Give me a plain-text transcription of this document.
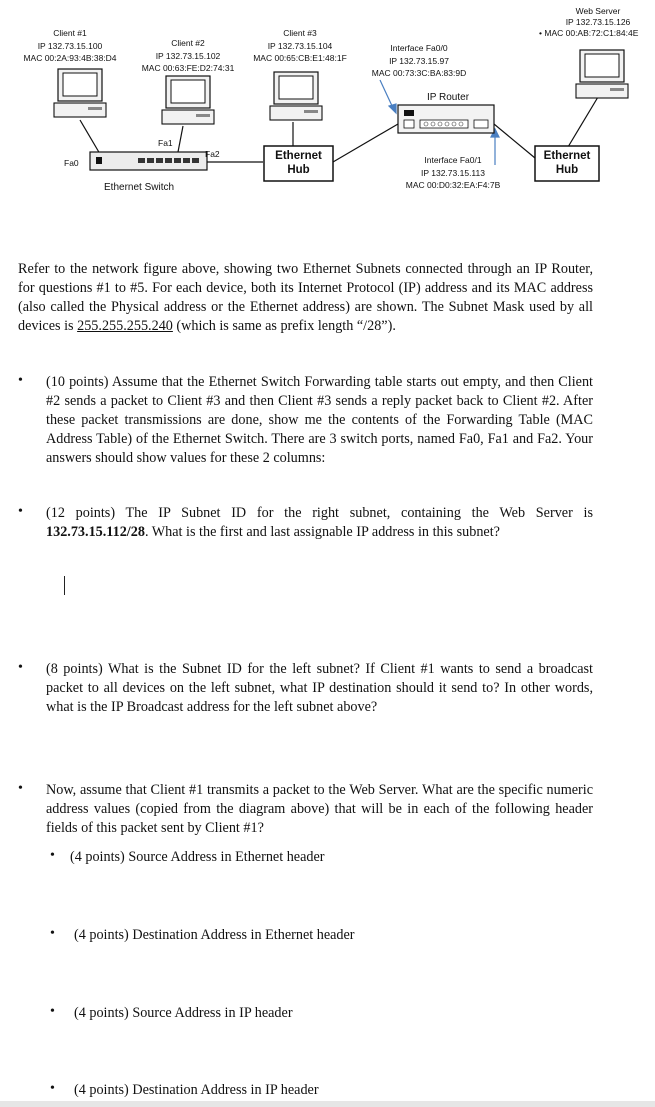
Web Server
IP 132.73.15.126
• MAC 00:AB:72:C1:84:4E
Client #1
IP 132.73.15.100
MAC 00:2A:93:4B:38:D4
Client #2
IP 132.73.15.102
MAC 00:63:FE:D2:74:31
Client #3
IP 132.73.15.104
MAC 00:65:CB:E1:48:1F
Interface Fa0/0
IP 132.73.15.97
MAC 00:73:3C:BA:83:9D
IP Router
Interface Fa0/1
IP 132.73.15.113
MAC 00:D0:32:EA:F4:7B
Ethernet Hub
Ethernet Hub
Fa0
Fa1
Fa2
Ethernet Switch
Refer to the network figure above, showing two Ethernet Subnets connected through an IP Router, for questions #1 to #5. For each device, both its Internet Protocol (IP) address and its MAC address (also called the Physical address or the Ethernet address) are shown. The Subnet Mask used by all devices is 255.255.255.240 (which is same as prefix length “/28”).
• (10 points) Assume that the Ethernet Switch Forwarding table starts out empty, and then Client #2 sends a packet to Client #3 and then Client #3 sends a reply packet back to Client #2. After these packet transmissions are done, show me the contents of the Forwarding Table (MAC Address Table) of the Ethernet Switch. There are 3 switch ports, named Fa0, Fa1 and Fa2. Your answers should show values for these 2 columns:
• (12 points) The IP Subnet ID for the right subnet, containing the Web Server is 132.73.15.112/28. What is the first and last assignable IP address in this subnet?
• (8 points) What is the Subnet ID for the left subnet? If Client #1 wants to send a broadcast packet to all devices on the left subnet, what IP destination should it send to? In other words, what is the IP Broadcast address for the left subnet above?
• Now, assume that Client #1 transmits a packet to the Web Server. What are the specific numeric address values (copied from the diagram above) that will be in each of the following header fields of this packet sent by Client #1?
• (4 points) Source Address in Ethernet header
• (4 points) Destination Address in Ethernet header
• (4 points) Source Address in IP header
• (4 points) Destination Address in IP header
